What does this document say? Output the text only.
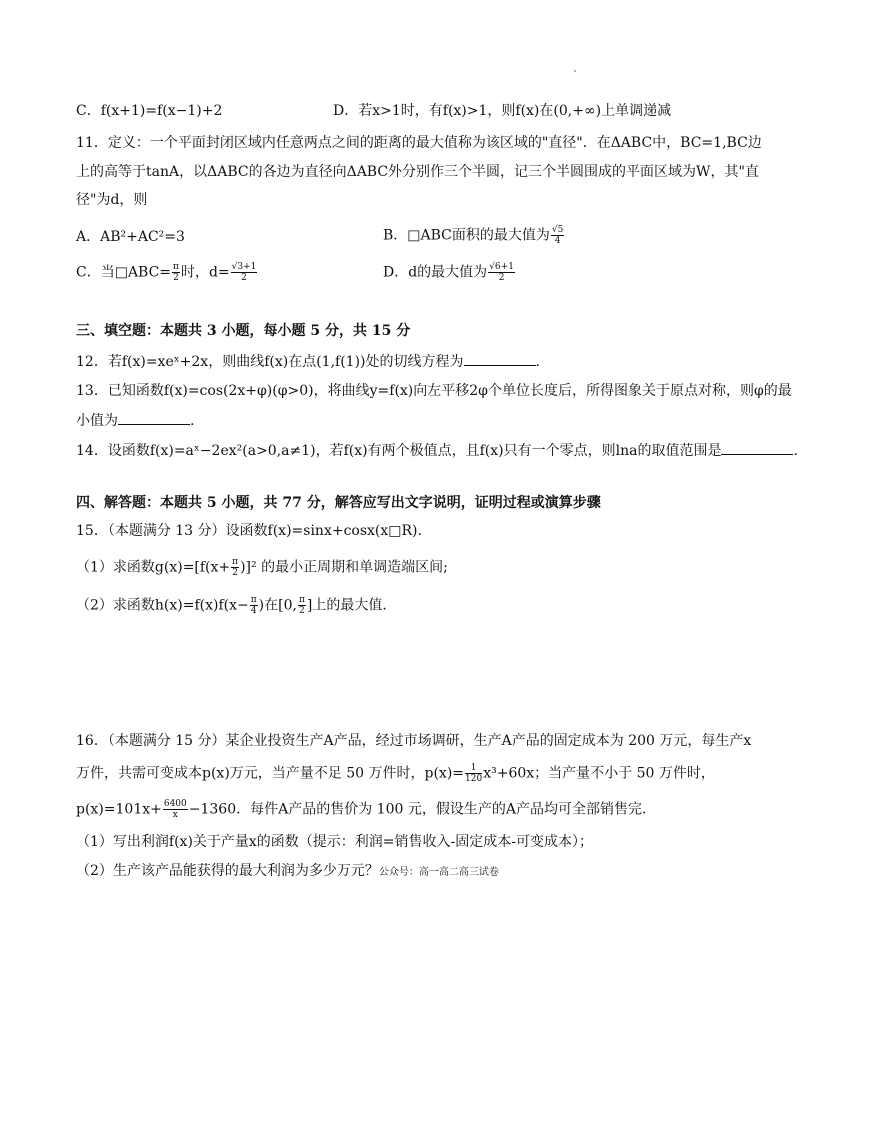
C．f(x+1)=f(x−1)+2	D．若x>1时，有f(x)>1，则f(x)在(0,+∞)上单调递减
11．定义：一个平面封闭区域内任意两点之间的距离的最大值称为该区域的"直径"．在ΔABC中，BC=1,BC边
上的高等于tanA，以ΔABC的各边为直径向ΔABC外分别作三个半圆，记三个半圆围成的平面区域为W，其"直
径"为d，则
A．AB²+AC²=3	B．□ABC面积的最大值为 $\frac{√5}{4}$
C．当□ABC= $\frac{\pi}{2}$ 时，$d= \frac{√3+1}{2}$	D．d的最大值为 $\frac{√6+1}{2}$
三、填空题：本题共 3 小题，每小题 5 分，共 15 分
12．若f(x)=xeˣ+2x，则曲线f(x)在点(1,f(1))处的切线方程为	.
13．已知函数f(x)=cos(2x+φ)(φ>0)，将曲线y=f(x)向左平移2φ个单位长度后，所得图象关于原点对称，则φ的最
小值为	.
14．设函数f(x)=aˣ−2ex²(a>0,a≠1)，若f(x)有两个极值点，且f(x)只有一个零点，则lna的取值范围是	.
四、解答题：本题共 5 小题，共 77 分，解答应写出文字说明，证明过程或演算步骤
15．（本题满分 13 分）设函数f(x)=sinx+cosx(x□R).
（1）求函数$g(x)=[f(x+ \frac{\pi}{2} )]^2$ 的最小正周期和单调造端区间;
（2）求函数$h(x)=f(x)f(x- \frac{\pi}{4}$ )在[0, $\frac{\pi}{2}$ ]上的最大值.
16．（本题满分 15 分）某企业投资生产A产品，经过市场调研，生产A产品的固定成本为 200 万元，每生产x
万件，共需可变成本p(x)万元，当产量不足 50 万件时，$p(x)= \frac{1}{120} x^3+60x$；当产量不小于 50 万件时，
$p(x)=101x+ \frac{6400}{x} -1360$．每件A产品的售价为 100 元，假设生产的A产品均可全部销售完.
（1）写出利润f(x)关于产量x的函数（提示：利润=销售收入-固定成本-可变成本）；
（2）生产该产品能获得的最大利润为多少万元？公众号：高一高二高三试卷
